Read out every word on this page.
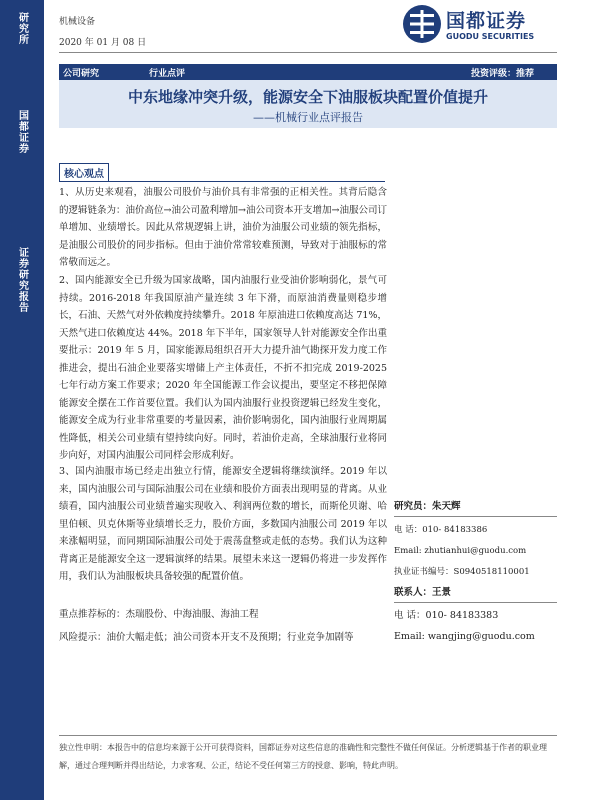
研究所
国都证券
证券研究报告
机械设备
2020 年 01 月 08 日
国都证券
GUODU SECURITIES
公司研究	行业点评	投资评级：推荐
中东地缘冲突升级，能源安全下油服板块配置价值提升
——机械行业点评报告
核心观点

1、从历史来观看，油服公司股价与油价具有非常强的正相关性。其背后隐含的逻辑链条为：油价高位→油公司盈利增加→油公司资本开支增加→油服公司订单增加、业绩增长。因此从常规逻辑上讲，油价为油服公司业绩的领先指标，是油服公司股价的同步指标。但由于油价常常较难预测，导致对于油服标的常常敬而远之。

2、国内能源安全已升级为国家战略，国内油服行业受油价影响弱化，景气可持续。2016-2018 年我国原油产量连续 3 年下滑，而原油消费量则稳步增长，石油、天然气对外依赖度持续攀升。2018 年原油进口依赖度高达 71%，天然气进口依赖度达 44%。2018 年下半年，国家领导人针对能源安全作出重要批示：2019 年 5 月，国家能源局组织召开大力提升油气勘探开发力度工作推进会，提出石油企业要落实增储上产主体责任，不折不扣完成 2019-2025 七年行动方案工作要求；2020 年全国能源工作会议提出，要坚定不移把保障能源安全摆在工作首要位置。我们认为国内油服行业投资逻辑已经发生变化，能源安全成为行业非常重要的考量因素，油价影响弱化，国内油服行业周期属性降低，相关公司业绩有望持续向好。同时，若油价走高，全球油服行业将同步向好，对国内油服公司同样会形成利好。

3、国内油服市场已经走出独立行情，能源安全逻辑将继续演绎。2019 年以来，国内油服公司与国际油服公司在业绩和股价方面表出现明显的背离。从业绩看，国内油服公司业绩普遍实现收入、利润两位数的增长，而斯伦贝谢、哈里伯顿、贝克休斯等业绩增长乏力，股价方面，多数国内油服公司 2019 年以来涨幅明显，而同期国际油服公司处于震荡盘整或走低的态势。我们认为这种背离正是能源安全这一逻辑演绎的结果。展望未来这一逻辑仍将进一步发挥作用，我们认为油服板块具备较强的配置价值。

重点推荐标的：杰瑞股份、中海油服、海油工程

风险提示：油价大幅走低；油公司资本开支不及预期；行业竞争加剧等

研究员：朱天辉
电 话：010- 84183386
Email: zhutianhui@guodu.com
执业证书编号：S0940518110001
联系人：王景
电 话：010- 84183383
Email: wangjing@guodu.com
独立性申明：本报告中的信息均来源于公开可获得资料，国都证券对这些信息的准确性和完整性不做任何保证。分析逻辑基于作者的职业理解，通过合理判断并得出结论，力求客观、公正，结论不受任何第三方的授意、影响，特此声明。
